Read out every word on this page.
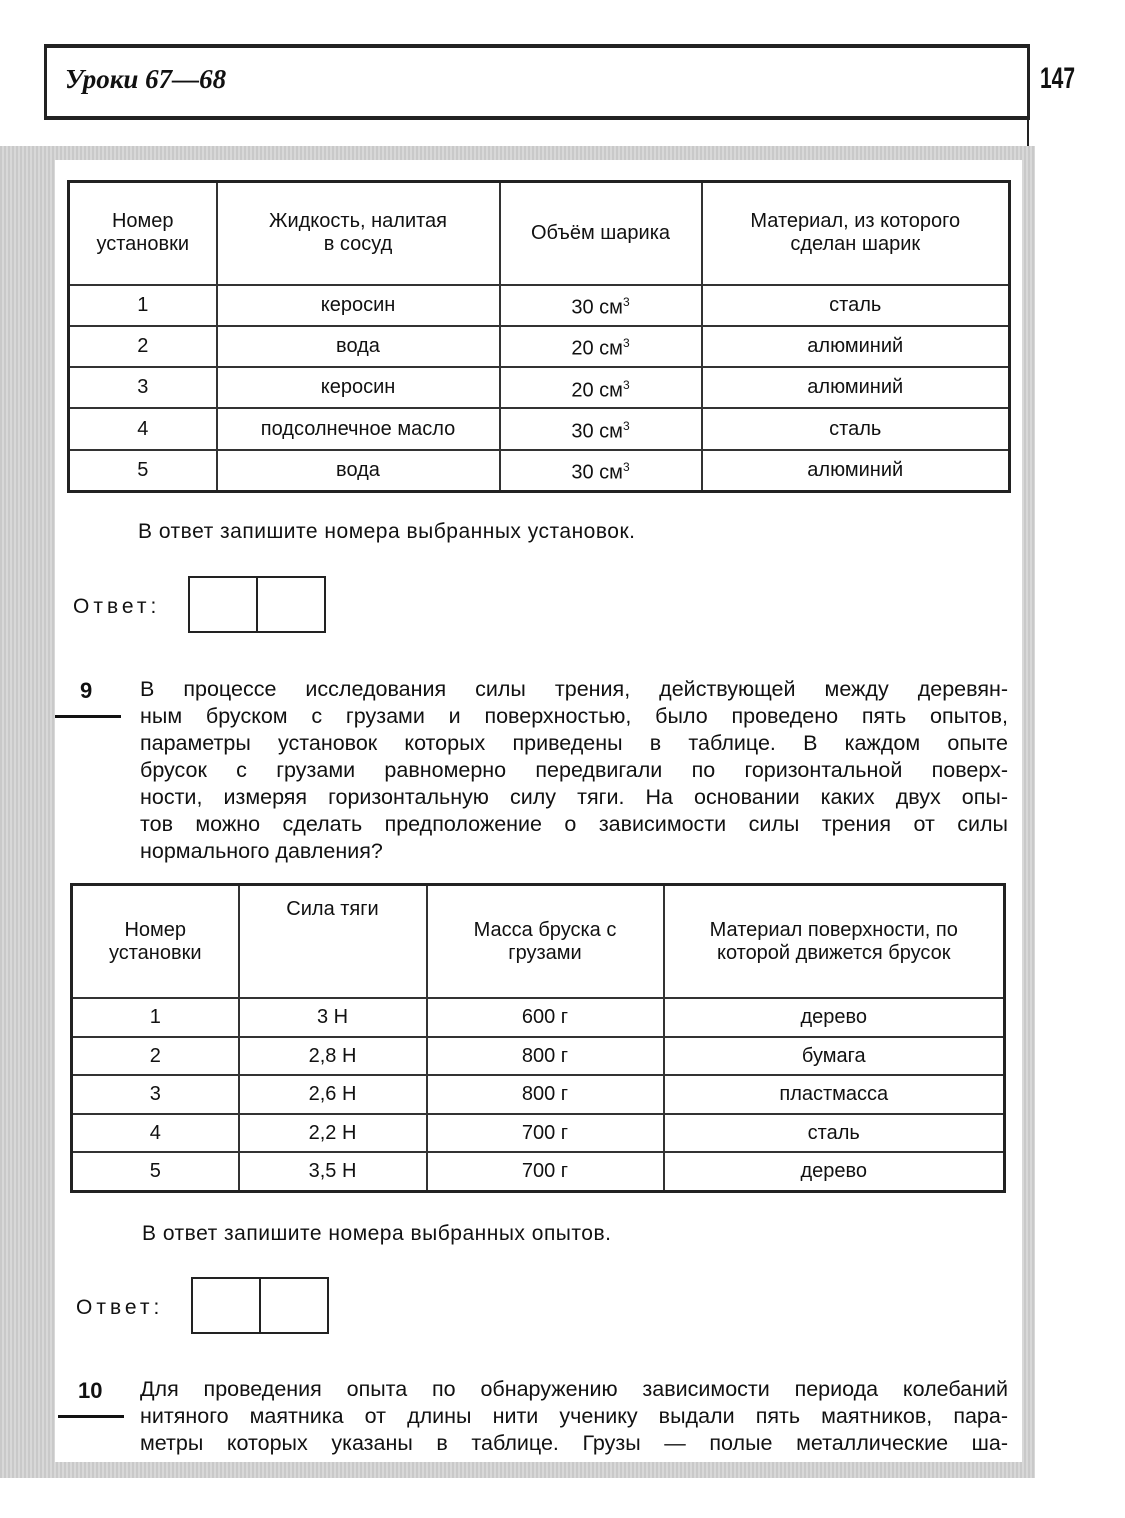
Уроки 67—68	147
Номер установки	Жидкость, налитая в сосуд	Объём шарика	Материал, из которого сделан шарик
1	керосин	30 $см^3$	сталь
2	вода	20 $см^3$	алюминий
3	керосин	20 $см^3$	алюминий
4	подсолнечное масло	30 $см^3$	сталь
5	вода	30 $см^3$	алюминий
В ответ запишите номера выбранных установок.
Ответ:
9 В процессе исследования силы трения, действующей между деревян-
ным бруском с грузами и поверхностью, было проведено пять опытов,
параметры установок которых приведены в таблице. В каждом опыте
брусок с грузами равномерно передвигали по горизонтальной поверх-
ности, измеряя горизонтальную силу тяги. На основании каких двух опы-
тов можно сделать предположение о зависимости силы трения от силы
нормального давления?
Номер установки	Сила тяги	Масса бруска с грузами	Материал поверхности, по которой движется брусок
1	3 Н	600 г	дерево
2	2,8 Н	800 г	бумага
3	2,6 Н	800 г	пластмасса
4	2,2 Н	700 г	сталь
5	3,5 Н	700 г	дерево
В ответ запишите номера выбранных опытов.
Ответ:
10 Для проведения опыта по обнаружению зависимости периода колебаний
нитяного маятника от длины нити ученику выдали пять маятников, пара-
метры которых указаны в таблице. Грузы — полые металлические ша-
